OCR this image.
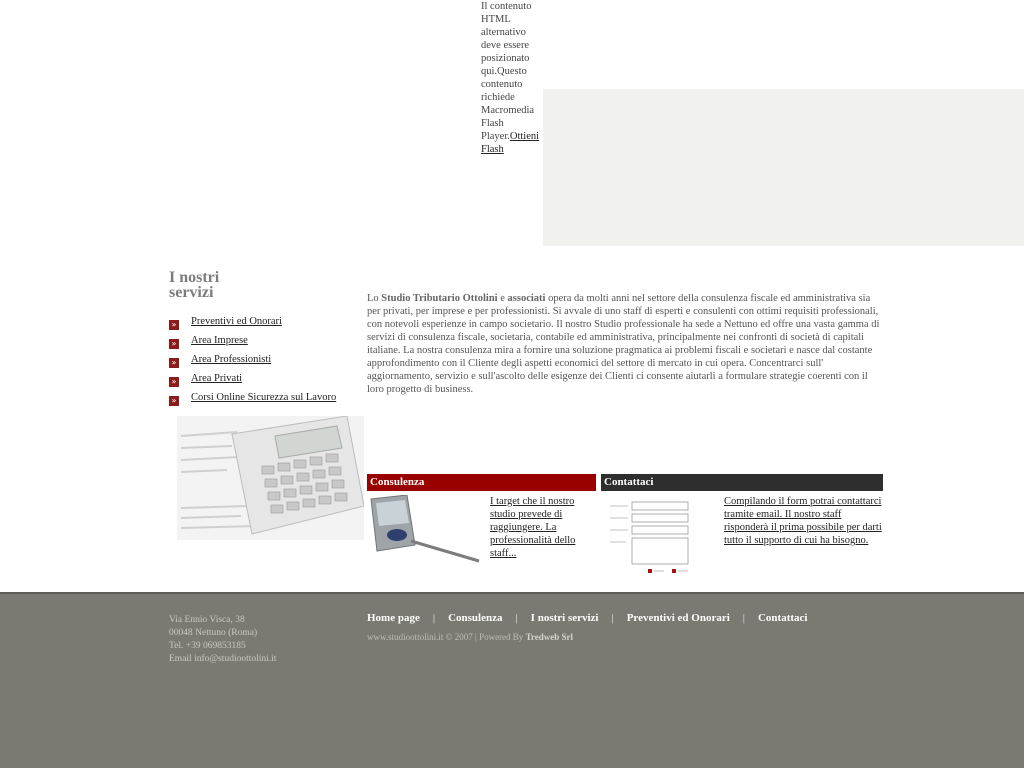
Il contenuto HTML alternativo deve essere posizionato qui.Questo contenuto richiede Macromedia Flash Player.Ottieni Flash
I nostri
servizi
» Preventivi ed Onorari
» Area Imprese
» Area Professionisti
» Area Privati
» Corsi Online Sicurezza sul Lavoro

Lo Studio Tributario Ottolini e associati opera da molti anni nel settore della consulenza fiscale ed amministrativa sia per privati, per imprese e per professionisti. Si avvale di uno staff di esperti e consulenti con ottimi requisiti professionali, con notevoli esperienze in campo societario. Il nostro Studio professionale ha sede a Nettuno ed offre una vasta gamma di servizi di consulenza fiscale, societaria, contabile ed amministrativa, principalmente nei confronti di società di capitali italiane. La nostra consulenza mira a fornire una soluzione pragmatica ai problemi fiscali e societari e nasce dal costante approfondimento con il Cliente degli aspetti economici del settore di mercato in cui opera. Concentrarci sull' aggiornamento, servizio e sull'ascolto delle esigenze dei Clienti ci consente aiutarli a formulare strategie coerenti con il loro progetto di business.

Consulenza
I target che il nostro studio prevede di raggiungere. La professionalità dello staff...
Contattaci
Compilando il form potrai contattarci tramite email. Il nostro staff risponderà il prima possibile per darti tutto il supporto di cui ha bisogno.
Via Ennio Visca, 38
00048 Nettuno (Roma)
Tel. +39 069853185
Email info@studioottolini.it
Home page | Consulenza | I nostri servizi | Preventivi ed Onorari | Contattaci
www.studioottolini.it © 2007 | Powered By Tredweb Srl
